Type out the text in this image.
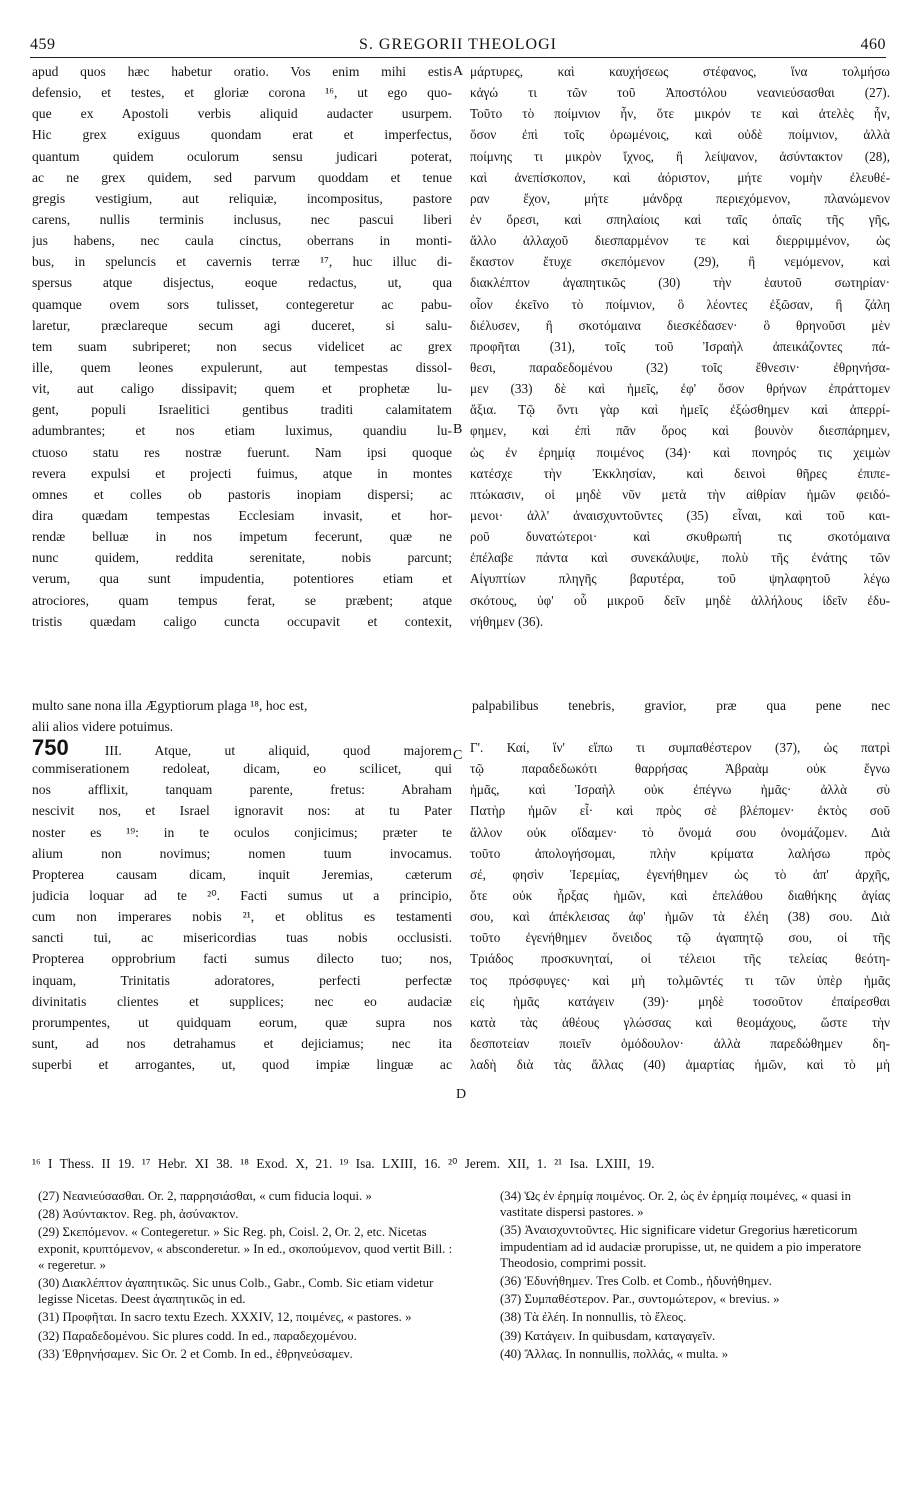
459	S. GREGORII THEOLOGI	460
apud quos hæc habetur oratio. Vos enim mihi estis
defensio, et testes, et gloriæ corona ¹⁶, ut ego quo-
que ex Apostoli verbis aliquid audacter usurpem.
Hic grex exiguus quondam erat et imperfectus,
quantum quidem oculorum sensu judicari poterat,
ac ne grex quidem, sed parvum quoddam et tenue
gregis vestigium, aut reliquiæ, incompositus, pastore
carens, nullis terminis inclusus, nec pascui liberi
jus habens, nec caula cinctus, oberrans in monti-
bus, in speluncis et cavernis terræ ¹⁷, huc illuc di-
spersus atque disjectus, eoque redactus, ut, qua
quamque ovem sors tulisset, contegeretur ac pabu-
laretur, præclareque secum agi duceret, si salu-
tem suam subriperet; non secus videlicet ac grex
ille, quem leones expulerunt, aut tempestas dissol-
vit, aut caligo dissipavit; quem et prophetæ lu-
gent, populi Israelitici gentibus traditi calamitatem
adumbrantes; et nos etiam luximus, quandiu lu-
ctuoso statu res nostræ fuerunt. Nam ipsi quoque
revera expulsi et projecti fuimus, atque in montes
omnes et colles ob pastoris inopiam dispersi; ac
dira quædam tempestas Ecclesiam invasit, et hor-
rendæ belluæ in nos impetum fecerunt, quæ ne
nunc quidem, reddita serenitate, nobis parcunt;
verum, qua sunt impudentia, potentiores etiam et
atrociores, quam tempus ferat, se præbent; atque
tristis quædam caligo cuncta occupavit et contexit,
μάρτυρες, καὶ καυχήσεως στέφανος, ἵνα τολμήσω
κἀγώ τι τῶν τοῦ Ἀποστόλου νεανιεύσασθαι (27).
Τοῦτο τὸ ποίμνιον ἦν, ὅτε μικρόν τε καὶ ἀτελὲς ἦν,
ὅσον ἐπὶ τοῖς ὁρωμένοις, καὶ οὐδὲ ποίμνιον, ἀλλὰ
ποίμνης τι μικρὸν ἴχνος, ἢ λείψανον, ἀσύντακτον (28),
καὶ ἀνεπίσκοπον, καὶ ἀόριστον, μήτε νομὴν ἐλευθέ-
ραν ἔχον, μήτε μάνδρᾳ περιεχόμενον, πλανώμενον
ἐν ὄρεσι, καὶ σπηλαίοις καὶ ταῖς ὀπαῖς τῆς γῆς,
ἄλλο ἀλλαχοῦ διεσπαρμένον τε καὶ διερριμμένον, ὡς
ἕκαστον ἔτυχε σκεπόμενον (29), ἢ νεμόμενον, καὶ
διακλέπτον ἀγαπητικῶς (30) τὴν ἑαυτοῦ σωτηρίαν·
οἷον ἐκεῖνο τὸ ποίμνιον, ὃ λέοντες ἐξῶσαν, ἢ ζάλη
διέλυσεν, ἢ σκοτόμαινα διεσκέδασεν· ὃ θρηνοῦσι μὲν
προφῆται (31), τοῖς τοῦ Ἰσραὴλ ἀπεικάζοντες πά-
θεσι, παραδεδομένου (32) τοῖς ἔθνεσιν· ἐθρηνήσα-
μεν (33) δὲ καὶ ἡμεῖς, ἐφ' ὅσον θρήνων ἐπράττομεν
ἄξια. Τῷ ὄντι γὰρ καὶ ἡμεῖς ἐξώσθημεν καὶ ἀπερρί-
φημεν, καὶ ἐπὶ πᾶν ὄρος καὶ βουνὸν διεσπάρημεν,
ὡς ἐν ἐρημίᾳ ποιμένος (34)· καὶ πονηρός τις χειμὼν
κατέσχε τὴν Ἐκκλησίαν, καὶ δεινοὶ θῆρες ἐπιπε-
πτώκασιν, οἱ μηδὲ νῦν μετὰ τὴν αἰθρίαν ἡμῶν φειδό-
μενοι· ἀλλ' ἀναισχυντοῦντες (35) εἶναι, καὶ τοῦ και-
ροῦ δυνατώτεροι· καὶ σκυθρωπή τις σκοτόμαινα
ἐπέλαβε πάντα καὶ συνεκάλυψε, πολὺ τῆς ἐνάτης τῶν
Αἰγυπτίων πληγῆς βαρυτέρα, τοῦ ψηλαφητοῦ λέγω
σκότους, ὑφ' οὗ μικροῦ δεῖν μηδὲ ἀλλήλους ἰδεῖν ἐδυ-
νήθημεν (36).
A
B
C
D
multo sane nona illa Ægyptiorum plaga ¹⁸, hoc est,	palpabilibus tenebris, gravior, præ qua pene nec
alii alios videre potuimus.
750 III. Atque, ut aliquid, quod majorem
commiserationem redoleat, dicam, eo scilicet, qui
nos afflixit, tanquam parente, fretus: Abraham
nescivit nos, et Israel ignoravit nos: at tu Pater
noster es ¹⁹: in te oculos conjicimus; præter te
alium non novimus; nomen tuum invocamus.
Propterea causam dicam, inquit Jeremias, cæterum
judicia loquar ad te ²⁰. Facti sumus ut a principio,
cum non imperares nobis ²¹, et oblitus es testamenti
sancti tui, ac misericordias tuas nobis occlusisti.
Propterea opprobrium facti sumus dilecto tuo; nos,
inquam, Trinitatis adoratores, perfecti perfectæ
divinitatis clientes et supplices; nec eo audaciæ
prorumpentes, ut quidquam eorum, quæ supra nos
sunt, ad nos detrahamus et dejiciamus; nec ita
superbi et arrogantes, ut, quod impiæ linguæ ac
Γ'. Καί, ἵν' εἴπω τι συμπαθέστερον (37), ὡς πατρὶ
τῷ παραδεδωκότι θαρρήσας Ἀβραὰμ οὐκ ἔγνω
ἡμᾶς, καὶ Ἰσραὴλ οὐκ ἐπέγνω ἡμᾶς· ἀλλὰ σὺ
Πατὴρ ἡμῶν εἶ· καὶ πρὸς σὲ βλέπομεν· ἐκτὸς σοῦ
ἄλλον οὐκ οἴδαμεν· τὸ ὄνομά σου ὀνομάζομεν. Διὰ
τοῦτο ἀπολογήσομαι, πλὴν κρίματα λαλήσω πρὸς
σέ, φησὶν Ἱερεμίας, ἐγενήθημεν ὡς τὸ ἀπ' ἀρχῆς,
ὅτε οὐκ ἦρξας ἡμῶν, καὶ ἐπελάθου διαθήκης ἁγίας
σου, καὶ ἀπέκλεισας ἀφ' ἡμῶν τὰ ἐλέη (38) σου. Διὰ
τοῦτο ἐγενήθημεν ὄνειδος τῷ ἀγαπητῷ σου, οἱ τῆς
Τριάδος προσκυνηταί, οἱ τέλειοι τῆς τελείας θεότη-
τος πρόσφυγες· καὶ μὴ τολμῶντές τι τῶν ὑπὲρ ἡμᾶς
εἰς ἡμᾶς κατάγειν (39)· μηδὲ τοσοῦτον ἐπαίρεσθαι
κατὰ τὰς ἀθέους γλώσσας καὶ θεομάχους, ὥστε τὴν
δεσποτείαν ποιεῖν ὁμόδουλον· ἀλλὰ παρεδώθημεν δη-
λαδὴ διὰ τὰς ἄλλας (40) ἁμαρτίας ἡμῶν, καὶ τὸ μὴ
¹⁶ I Thess. II 19. ¹⁷ Hebr. XI 38. ¹⁸ Exod. X, 21. ¹⁹ Isa. LXIII, 16. ²⁰ Jerem. XII, 1. ²¹ Isa. LXIII, 19.
(27) Νεανιεύσασθαι. Or. 2, παρρησιάσθαι, « cum fiducia loqui. »
(28) Ἀσύντακτον. Reg. ph, ἀσύνακτον.
(29) Σκεπόμενον. « Contegeretur. » Sic Reg. ph, Coisl. 2, Or. 2, etc. Nicetas exponit, κρυπτόμενον, « absconderetur. » In ed., σκοπούμενον, quod vertit Bill. : « regeretur. »
(30) Διακλέπτον ἀγαπητικῶς. Sic unus Colb., Gabr., Comb. Sic etiam videtur legisse Nicetas. Deest ἀγαπητικῶς in ed.
(31) Προφῆται. In sacro textu Ezech. XXXIV, 12, ποιμένες, « pastores. »
(32) Παραδεδομένου. Sic plures codd. In ed., παραδεχομένου.
(33) Ἐθρηνήσαμεν. Sic Or. 2 et Comb. In ed., ἐθρηνεύσαμεν.
(34) Ὡς ἐν ἐρημίᾳ ποιμένος. Or. 2, ὡς ἐν ἐρημίᾳ ποιμένες, « quasi in vastitate dispersi pastores. »
(35) Ἀναισχυντοῦντες. Hic significare videtur Gregorius hæreticorum impudentiam ad id audaciæ prorupisse, ut, ne quidem a pio imperatore Theodosio, comprimi possit.
(36) Ἐδυνήθημεν. Tres Colb. et Comb., ἠδυνήθημεν.
(37) Συμπαθέστερον. Par., συντομώτερον, « brevius. »
(38) Τὰ ἐλέη. In nonnullis, τὸ ἔλεος.
(39) Κατάγειν. In quibusdam, καταγαγεῖν.
(40) Ἄλλας. In nonnullis, πολλάς, « multa. »
